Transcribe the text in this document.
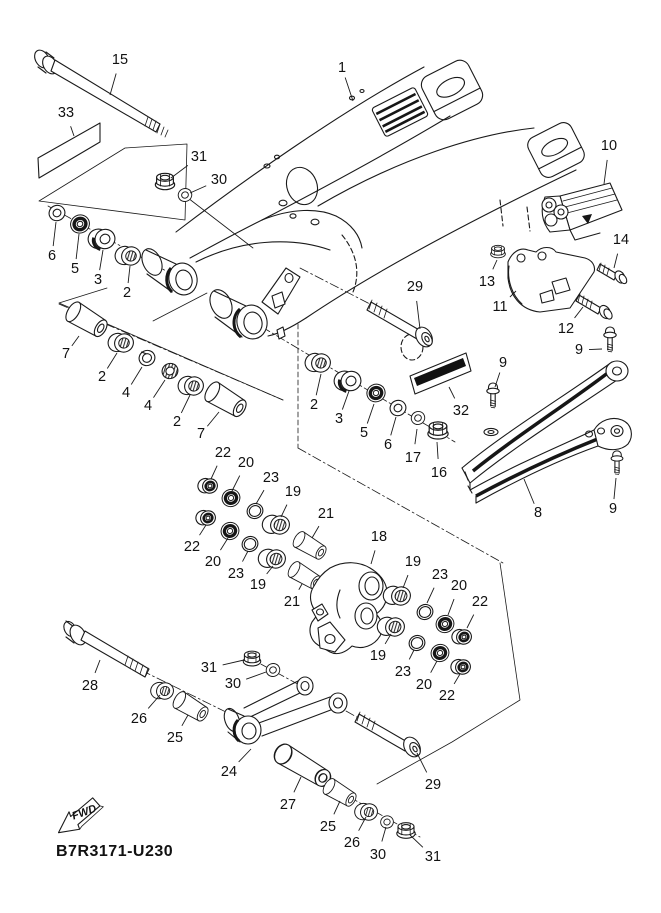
FWD
B7R3171-U230
15
33
31
30
1
10
14
13
11
12
29
9
9
9
8
32
2
3
5
6
17
16
6
5
3
2
7
2
4
4
2
7
22
20
23
19
21
22
20
23
19
21
18
19
23
20
22
19
23
20
22
31
30
28
26
25
24
27
29
25
26
30	31
